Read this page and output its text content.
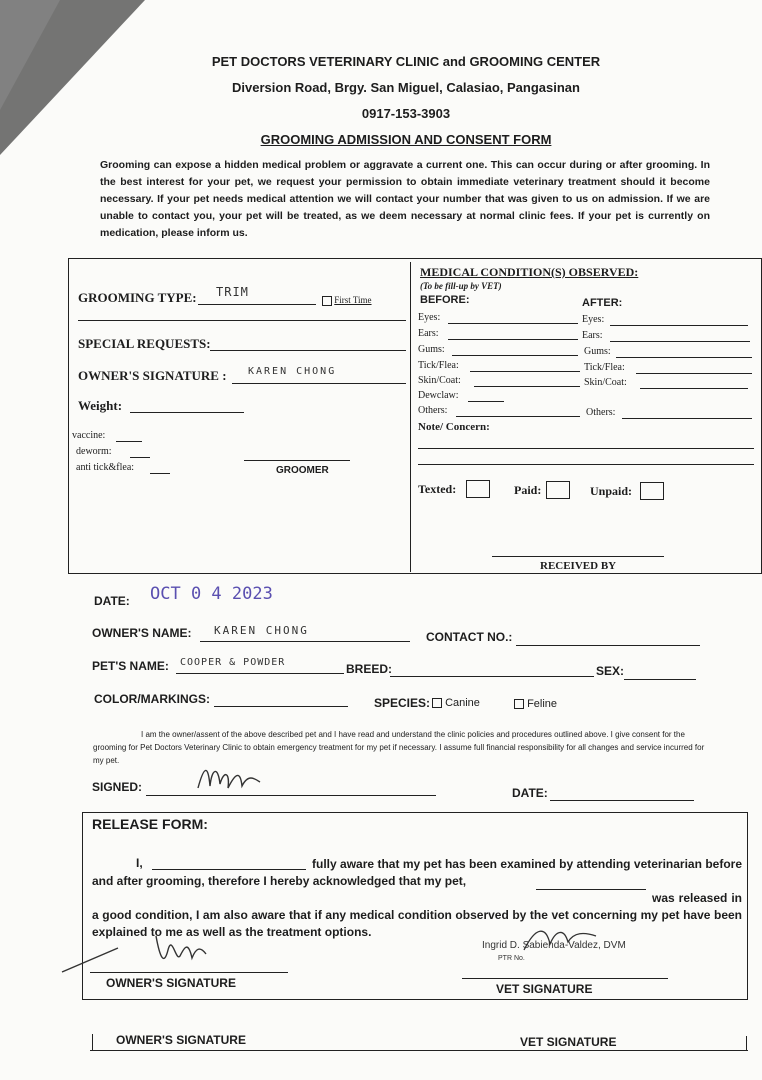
PET DOCTORS VETERINARY CLINIC and GROOMING CENTER
Diversion Road, Brgy. San Miguel, Calasiao, Pangasinan
0917-153-3903
GROOMING ADMISSION AND CONSENT FORM
Grooming can expose a hidden medical problem or aggravate a current one. This can occur during or after grooming. In the best interest for your pet, we request your permission to obtain immediate veterinary treatment should it become necessary. If your pet needs medical attention we will contact your number that was given to us on admission. If we are unable to contact you, your pet will be treated, as we deem necessary at normal clinic fees. If your pet is currently on medication, please inform us.
GROOMING TYPE: TRIM
First Time
SPECIAL REQUESTS:
OWNER'S SIGNATURE : KAREN CHONG
Weight:
vaccine:
deworm:
anti tick&flea:	GROOMER
MEDICAL CONDITION(S) OBSERVED:
(To be fill-up by VET)
BEFORE:	AFTER:
Eyes:	Eyes:
Ears:	Ears:
Gums:	Gums:
Tick/Flea:	Tick/Flea:
Skin/Coat:	Skin/Coat:
Dewclaw:
Others:	Others:
Note/ Concern:
Texted:	Paid:	Unpaid:
RECEIVED BY
DATE: OCT 0 4 2023
OWNER'S NAME: KAREN CHONG	CONTACT NO.:
PET'S NAME: COOPER & POWDER	BREED:	SEX:
COLOR/MARKINGS:	SPECIES:	Canine	Feline
I am the owner/assent of the above described pet and I have read and understand the clinic policies and procedures outlined above. I give consent for the grooming for Pet Doctors Veterinary Clinic to obtain emergency treatment for my pet if necessary. I assume full financial responsibility for all changes and service incurred for my pet.
SIGNED:	DATE:
RELEASE FORM:
I,	fully aware that my pet has been examined by attending veterinarian before and after grooming, therefore I hereby acknowledged that my pet,
was released in a good condition, I am also aware that if any medical condition observed by the vet concerning my pet have been explained to me as well as the treatment options.
OWNER'S SIGNATURE
Ingrid D. Sabienda-Valdez, DVM
PTR No.
VET SIGNATURE
OWNER'S SIGNATURE	VET SIGNATURE
